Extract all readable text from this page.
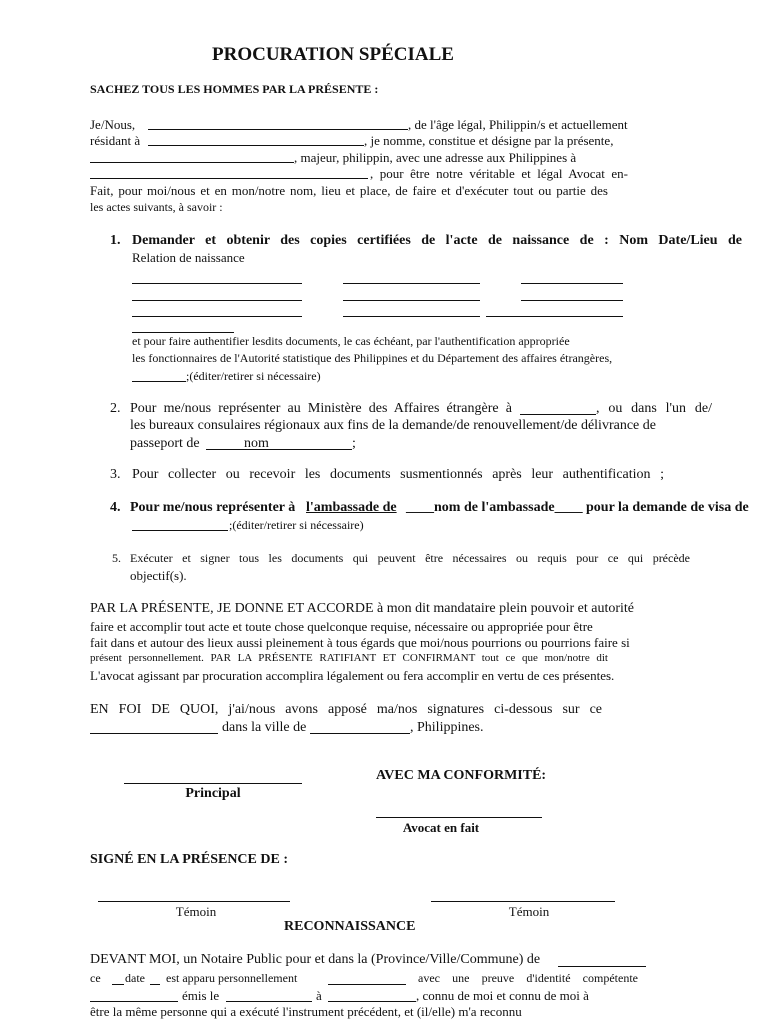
PROCURATION SPÉCIALE
SACHEZ TOUS LES HOMMES PAR LA PRÉSENTE :
Je/Nous,	, de l'âge légal, Philippin/s et actuellement
résidant à	, je nomme, constitue et désigne par la présente,
, majeur, philippin, avec une adresse aux Philippines à
, pour être notre véritable et légal Avocat en-
Fait, pour moi/nous et en mon/notre nom, lieu et place, de faire et d'exécuter tout ou partie des
les actes suivants, à savoir :
1. Demander et obtenir des copies certifiées de l'acte de naissance de : Nom Date/Lieu de
Relation de naissance
et pour faire authentifier lesdits documents, le cas échéant, par l'authentification appropriée
les fonctionnaires de l'Autorité statistique des Philippines et du Département des affaires étrangères,
;(éditer/retirer si nécessaire)
2. Pour me/nous représenter au Ministère des Affaires étrangère à	, ou dans l'un de/
les bureaux consulaires régionaux aux fins de la demande/de renouvellement/de délivrance de
passeport de	nom	;
3. Pour collecter ou recevoir les documents susmentionnés après leur authentification ;
4. Pour me/nous représenter à l'ambassade de ____nom de l'ambassade____ pour la demande de visa de
;(éditer/retirer si nécessaire)
5. Exécuter et signer tous les documents qui peuvent être nécessaires ou requis pour ce qui précède
objectif(s).
PAR LA PRÉSENTE, JE DONNE ET ACCORDE à mon dit mandataire plein pouvoir et autorité
faire et accomplir tout acte et toute chose quelconque requise, nécessaire ou appropriée pour être
fait dans et autour des lieux aussi pleinement à tous égards que moi/nous pourrions ou pourrions faire si
présent personnellement. PAR LA PRÉSENTE RATIFIANT ET CONFIRMANT tout ce que mon/notre dit
L'avocat agissant par procuration accomplira légalement ou fera accomplir en vertu de ces présentes.
EN FOI DE QUOI, j'ai/nous avons apposé ma/nos signatures ci-dessous sur ce
dans la ville de	, Philippines.
Principal
AVEC MA CONFORMITÉ:
Avocat en fait
SIGNÉ EN LA PRÉSENCE DE :
Témoin	Témoin
RECONNAISSANCE
DEVANT MOI, un Notaire Public pour et dans la (Province/Ville/Commune) de
ce date est apparu personnellement	avec une preuve d'identité compétente
émis le	à	, connu de moi et connu de moi à
être la même personne qui a exécuté l'instrument précédent, et (il/elle) m'a reconnu
